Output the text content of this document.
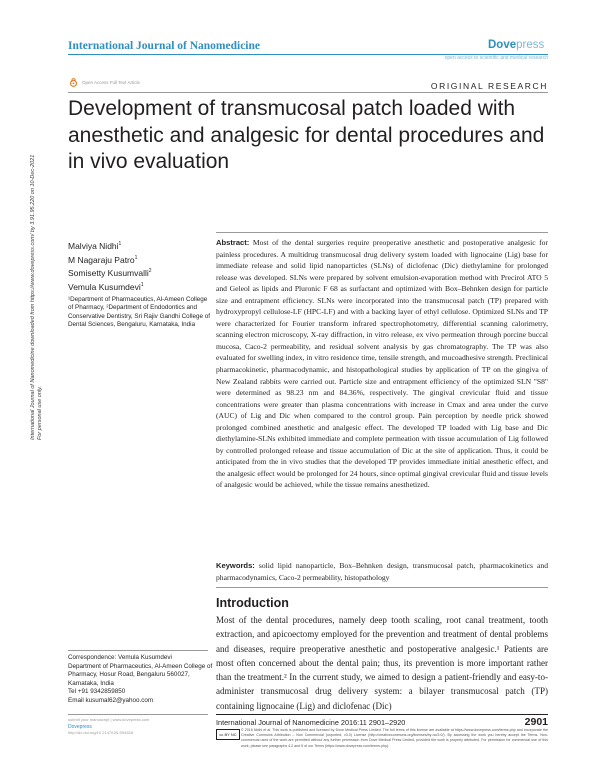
International Journal of Nanomedicine	Dovepress
open access to scientific and medical research
Open Access Full Text Article	ORIGINAL RESEARCH
Development of transmucosal patch loaded with anesthetic and analgesic for dental procedures and in vivo evaluation
International Journal of Nanomedicine downloaded from https://www.dovepress.com/ by 3.91.95.220 on 10-Dec-2021 For personal use only.
Malviya Nidhi$^1$
M Nagaraju Patro$^1$
Somisetty Kusumvalli$^2$
Vemula Kusumdevi$^1$
¹Department of Pharmaceutics, Al-Ameen College of Pharmacy, ²Department of Endodontics and Conservative Dentistry, Sri Rajiv Gandhi College of Dental Sciences, Bengaluru, Karnataka, India
Abstract: Most of the dental surgeries require preoperative anesthetic and postoperative analgesic for painless procedures. A multidrug transmucosal drug delivery system loaded with lignocaine (Lig) base for immediate release and solid lipid nanoparticles (SLNs) of diclofenac (Dic) diethylamine for prolonged release was developed. SLNs were prepared by solvent emulsion-evaporation method with Precirol ATO 5 and Geleol as lipids and Pluronic F 68 as surfactant and optimized with Box–Behnken design for particle size and entrapment efficiency. SLNs were incorporated into the transmucosal patch (TP) prepared with hydroxypropyl cellulose-LF (HPC-LF) and with a backing layer of ethyl cellulose. Optimized SLNs and TP were characterized for Fourier transform infrared spectrophotometry, differential scanning calorimetry, scanning electron microscopy, X-ray diffraction, in vitro release, ex vivo permeation through porcine buccal mucosa, Caco-2 permeability, and residual solvent analysis by gas chromatography. The TP was also evaluated for swelling index, in vitro residence time, tensile strength, and mucoadhesive strength. Preclinical pharmacokinetic, pharmacodynamic, and histopathological studies by application of TP on the gingiva of New Zealand rabbits were carried out. Particle size and entrapment efficiency of the optimized SLN "S8" were determined as 98.23 nm and 84.36%, respectively. The gingival crevicular fluid and tissue concentrations were greater than plasma concentrations with increase in Cmax and area under the curve (AUC) of Lig and Dic when compared to the control group. Pain perception by needle prick showed prolonged combined anesthetic and analgesic effect. The developed TP loaded with Lig base and Dic diethylamine-SLNs exhibited immediate and complete permeation with tissue accumulation of Lig followed by controlled prolonged release and tissue accumulation of Dic at the site of application. Thus, it could be anticipated from the in vivo studies that the developed TP provides immediate initial anesthetic effect, and the analgesic effect would be prolonged for 24 hours, since optimal gingival crevicular fluid and tissue levels of analgesic would be achieved, while the tissue remains anesthetized.
Keywords: solid lipid nanoparticle, Box–Behnken design, transmucosal patch, pharmacokinetics and pharmacodynamics, Caco-2 permeability, histopathology
Introduction
Most of the dental procedures, namely deep tooth scaling, root canal treatment, tooth extraction, and apicoectomy employed for the prevention and treatment of dental problems and diseases, require preoperative anesthetic and postoperative analgesic.¹ Patients are most often concerned about the dental pain; thus, its prevention is more important rather than the treatment.² In the current study, we aimed to design a patient-friendly and easy-to-administer transmucosal drug delivery system: a bilayer transmucosal patch (TP) containing lignocaine (Lig) and diclofenac (Dic)
Correspondence: Vemula Kusumdevi
Department of Pharmaceutics, Al-Ameen College of Pharmacy, Hosur Road, Bengaluru 560027, Karnataka, India
Tel +91 9342859850
Email kusumal62@yahoo.com
submit your manuscript | www.dovepress.com
Dovepress
http://dx.doi.org/10.2147/IJN.S94818
International Journal of Nanomedicine 2016:11 2901–2920	2901
cc BY NC
© 2016 Nidhi et al. This work is published and licensed by Dove Medical Press Limited. The full terms of this license are available at https://www.dovepress.com/terms.php and incorporate the Creative Commons Attribution – Non Commercial (unported, v3.0) License (http://creativecommons.org/licenses/by-nc/3.0/). By accessing the work you hereby accept the Terms. Non-commercial uses of the work are permitted without any further permission from Dove Medical Press Limited, provided the work is properly attributed. For permission for commercial use of this work, please see paragraphs 4.2 and 5 of our Terms (https://www.dovepress.com/terms.php).
